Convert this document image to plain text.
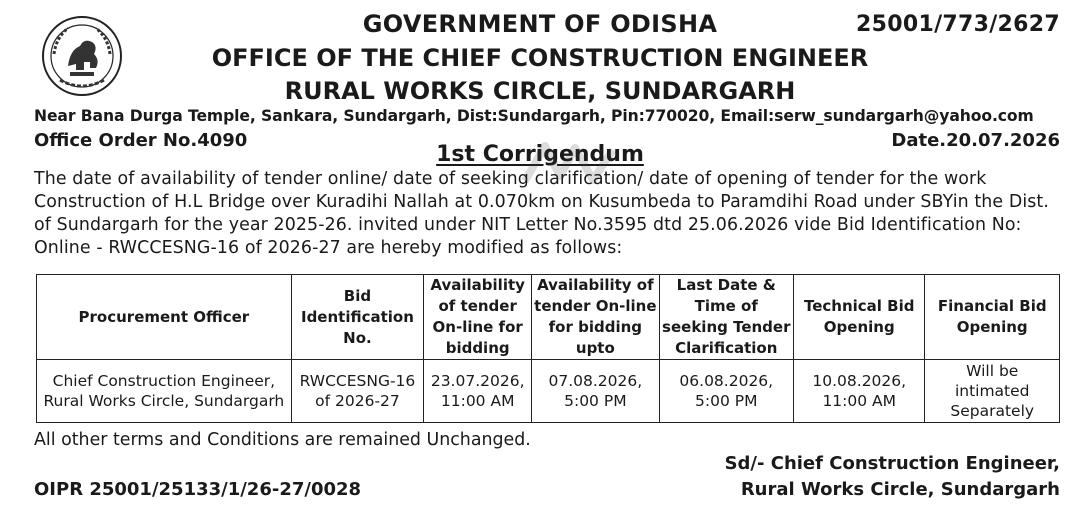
GOVERNMENT OF ODISHA	25001/773/2627
OFFICE OF THE CHIEF CONSTRUCTION ENGINEER
RURAL WORKS CIRCLE, SUNDARGARH
Near Bana Durga Temple, Sankara, Sundargarh, Dist:Sundargarh, Pin:770020, Email:serw_sundargarh@yahoo.com
Office Order No.4090	Date.20.07.2026
1st Corrigendum
The date of availability of tender online/ date of seeking clarification/ date of opening of tender for the work Construction of H.L Bridge over Kuradihi Nallah at 0.070km on Kusumbeda to Paramdihi Road under SBYin the Dist. of Sundargarh for the year 2025-26. invited under NIT Letter No.3595 dtd 25.06.2026 vide Bid Identification No: Online - RWCCESNG-16 of 2026-27 are hereby modified as follows:
Procurement Officer	Bid Identification No.	Availability of tender On-line for bidding	Availability of tender On-line for bidding upto	Last Date & Time of seeking Tender Clarification	Technical Bid Opening	Financial Bid Opening
Chief Construction Engineer, Rural Works Circle, Sundargarh	RWCCESNG-16 of 2026-27	23.07.2026, 11:00 AM	07.08.2026, 5:00 PM	06.08.2026, 5:00 PM	10.08.2026, 11:00 AM	Will be intimated Separately
All other terms and Conditions are remained Unchanged.
Sd/- Chief Construction Engineer,
OIPR 25001/25133/1/26-27/0028	Rural Works Circle, Sundargarh
